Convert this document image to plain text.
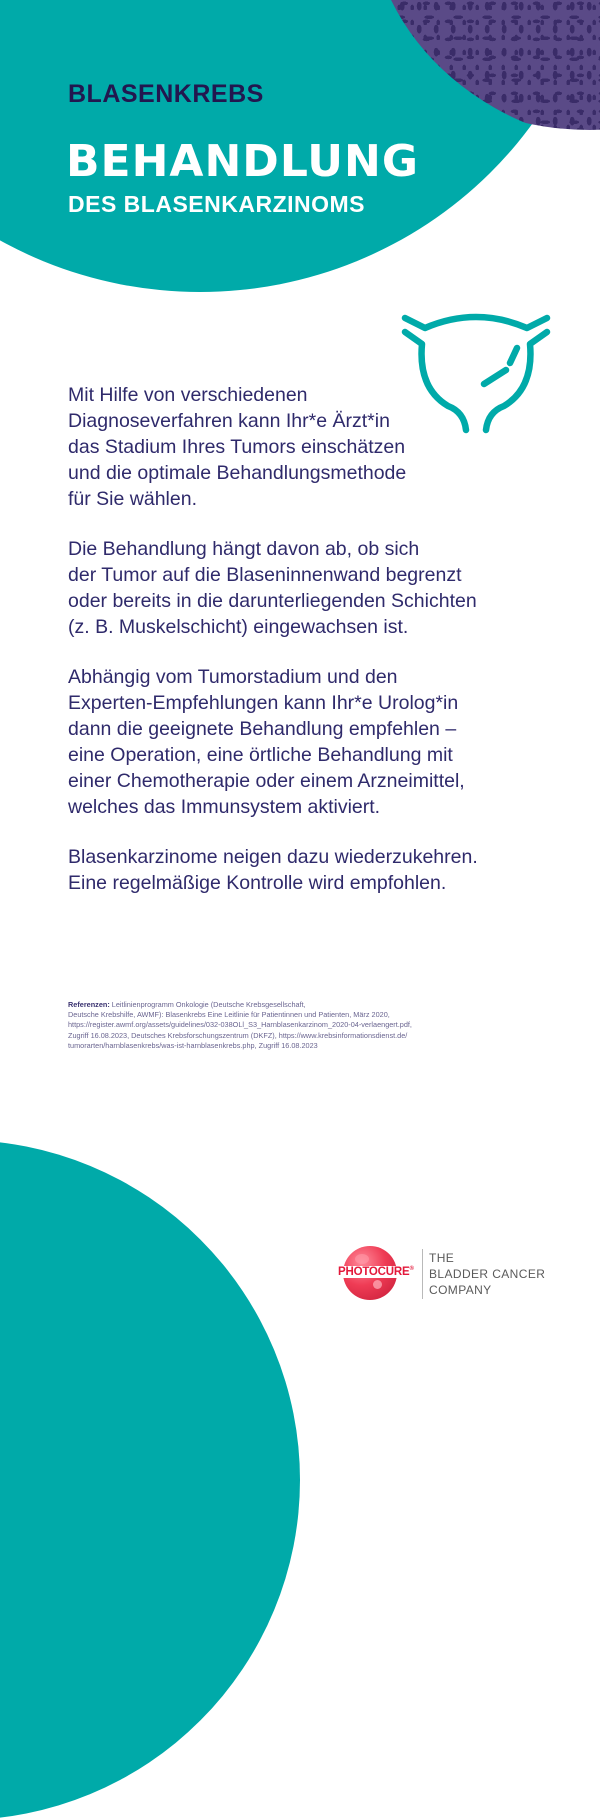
BLASENKREBS
BEHANDLUNG
DES BLASENKARZINOMS

Mit Hilfe von verschiedenen

Diagnoseverfahren kann Ihr*e Ärzt*in

das Stadium Ihres Tumors einschätzen

und die optimale Behandlungsmethode

für Sie wählen.

Die Behandlung hängt davon ab, ob sich

der Tumor auf die Blaseninnenwand begrenzt

oder bereits in die darunterliegenden Schichten

(z. B. Muskelschicht) eingewachsen ist.

Abhängig vom Tumorstadium und den

Experten-Empfehlungen kann Ihr*e Urolog*in

dann die geeignete Behandlung empfehlen –

eine Operation, eine örtliche Behandlung mit

einer Chemotherapie oder einem Arzneimittel,

welches das Immunsystem aktiviert.

Blasenkarzinome neigen dazu wiederzukehren.

Eine regelmäßige Kontrolle wird empfohlen.

Referenzen: Leitlinienprogramm Onkologie (Deutsche Krebsgesellschaft,
Deutsche Krebshilfe, AWMF): Blasenkrebs Eine Leitlinie für Patientinnen und Patienten, März 2020,
https://register.awmf.org/assets/guidelines/032-038OLl_S3_Harnblasenkarzinom_2020-04-verlaengert.pdf,
Zugriff 16.08.2023, Deutsches Krebsforschungszentrum (DKFZ), https://www.krebsinformationsdienst.de/
tumorarten/harnblasenkrebs/was-ist-harnblasenkrebs.php, Zugriff 16.08.2023
PHOTOCURE®
THE
BLADDER CANCER
COMPANY
